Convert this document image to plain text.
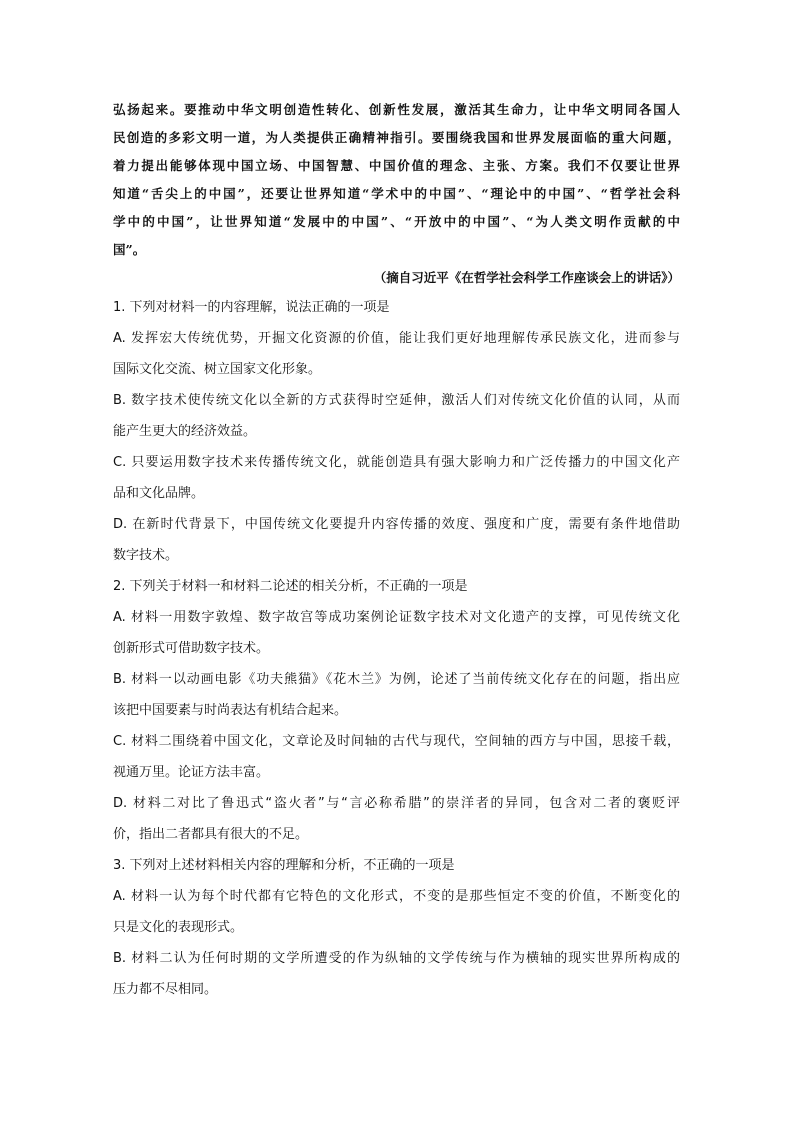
弘扬起来。要推动中华文明创造性转化、创新性发展，激活其生命力，让中华文明同各国人

民创造的多彩文明一道，为人类提供正确精神指引。要围绕我国和世界发展面临的重大问题，

着力提出能够体现中国立场、中国智慧、中国价值的理念、主张、方案。我们不仅要让世界

知道“舌尖上的中国”，还要让世界知道“学术中的中国”、“理论中的中国”、“哲学社会科

学中的中国”，让世界知道“发展中的中国”、“开放中的中国”、“为人类文明作贡献的中

国”。

（摘自习近平《在哲学社会科学工作座谈会上的讲话》）

1. 下列对材料一的内容理解，说法正确的一项是

A. 发挥宏大传统优势，开掘文化资源的价值，能让我们更好地理解传承民族文化，进而参与

国际文化交流、树立国家文化形象。

B. 数字技术使传统文化以全新的方式获得时空延伸，激活人们对传统文化价值的认同，从而

能产生更大的经济效益。

C. 只要运用数字技术来传播传统文化，就能创造具有强大影响力和广泛传播力的中国文化产

品和文化品牌。

D. 在新时代背景下，中国传统文化要提升内容传播的效度、强度和广度，需要有条件地借助

数字技术。

2. 下列关于材料一和材料二论述的相关分析，不正确的一项是

A. 材料一用数字敦煌、数字故宫等成功案例论证数字技术对文化遗产的支撑，可见传统文化

创新形式可借助数字技术。

B. 材料一以动画电影《功夫熊猫》《花木兰》为例，论述了当前传统文化存在的问题，指出应

该把中国要素与时尚表达有机结合起来。

C. 材料二围绕着中国文化，文章论及时间轴的古代与现代，空间轴的西方与中国，思接千载，

视通万里。论证方法丰富。

D. 材料二对比了鲁迅式“盗火者”与“言必称希腊”的崇洋者的异同，包含对二者的褒贬评

价，指出二者都具有很大的不足。

3. 下列对上述材料相关内容的理解和分析，不正确的一项是

A. 材料一认为每个时代都有它特色的文化形式，不变的是那些恒定不变的价值，不断变化的

只是文化的表现形式。

B. 材料二认为任何时期的文学所遭受的作为纵轴的文学传统与作为横轴的现实世界所构成的

压力都不尽相同。
